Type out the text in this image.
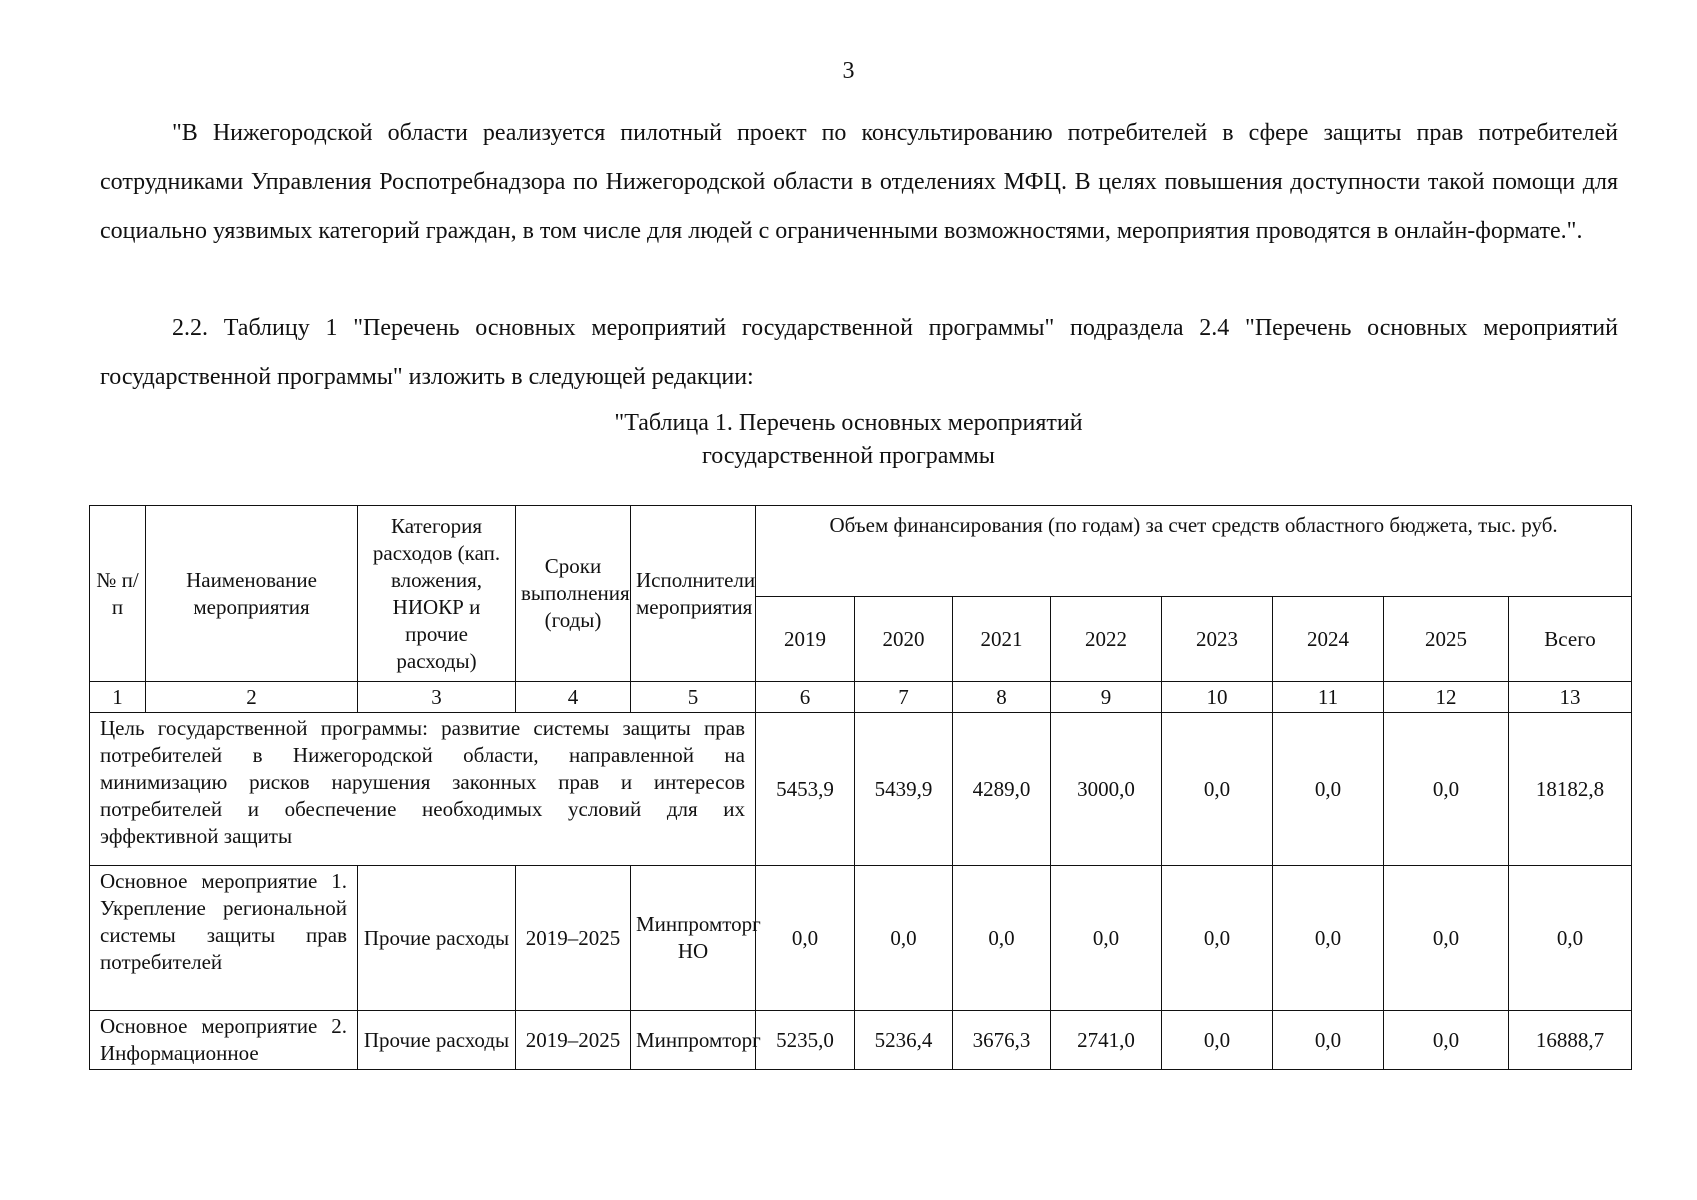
3

"В Нижегородской области реализуется пилотный проект по консультированию потребителей в сфере защиты прав потребителей сотрудниками Управления Роспотребнадзора по Нижегородской области в отделениях МФЦ. В целях повышения доступности такой помощи для социально уязвимых категорий граждан, в том числе для людей с ограниченными возможностями, мероприятия проводятся в онлайн-формате.".

2.2. Таблицу 1 "Перечень основных мероприятий государственной программы" подраздела 2.4 "Перечень основных мероприятий государственной программы" изложить в следующей редакции:

"Таблица 1. Перечень основных мероприятий
государственной программы
№ п/п	Наименование мероприятия	Категория расходов (кап. вложения, НИОКР и прочие расходы)	Сроки выполнения (годы)	Исполнители мероприятия	Объем финансирования (по годам) за счет средств областного бюджета, тыс. руб.							
					2019	2020	2021	2022	2023	2024	2025	Всего
1	2	3	4	5	6	7	8	9	10	11	12	13
Цель государственной программы: развитие системы защиты прав потребителей в Нижегородской области, направленной на минимизацию рисков нарушения законных прав и интересов потребителей и обеспечение необходимых условий для их эффективной защиты					5453,9	5439,9	4289,0	3000,0	0,0	0,0	0,0	18182,8
Основное мероприятие 1. Укрепление региональной системы защиты прав потребителей		Прочие расходы	2019–2025	Минпромторг НО	0,0	0,0	0,0	0,0	0,0	0,0	0,0	0,0
Основное мероприятие 2. Информационное		Прочие расходы	2019–2025	Минпромторг	5235,0	5236,4	3676,3	2741,0	0,0	0,0	0,0	16888,7
